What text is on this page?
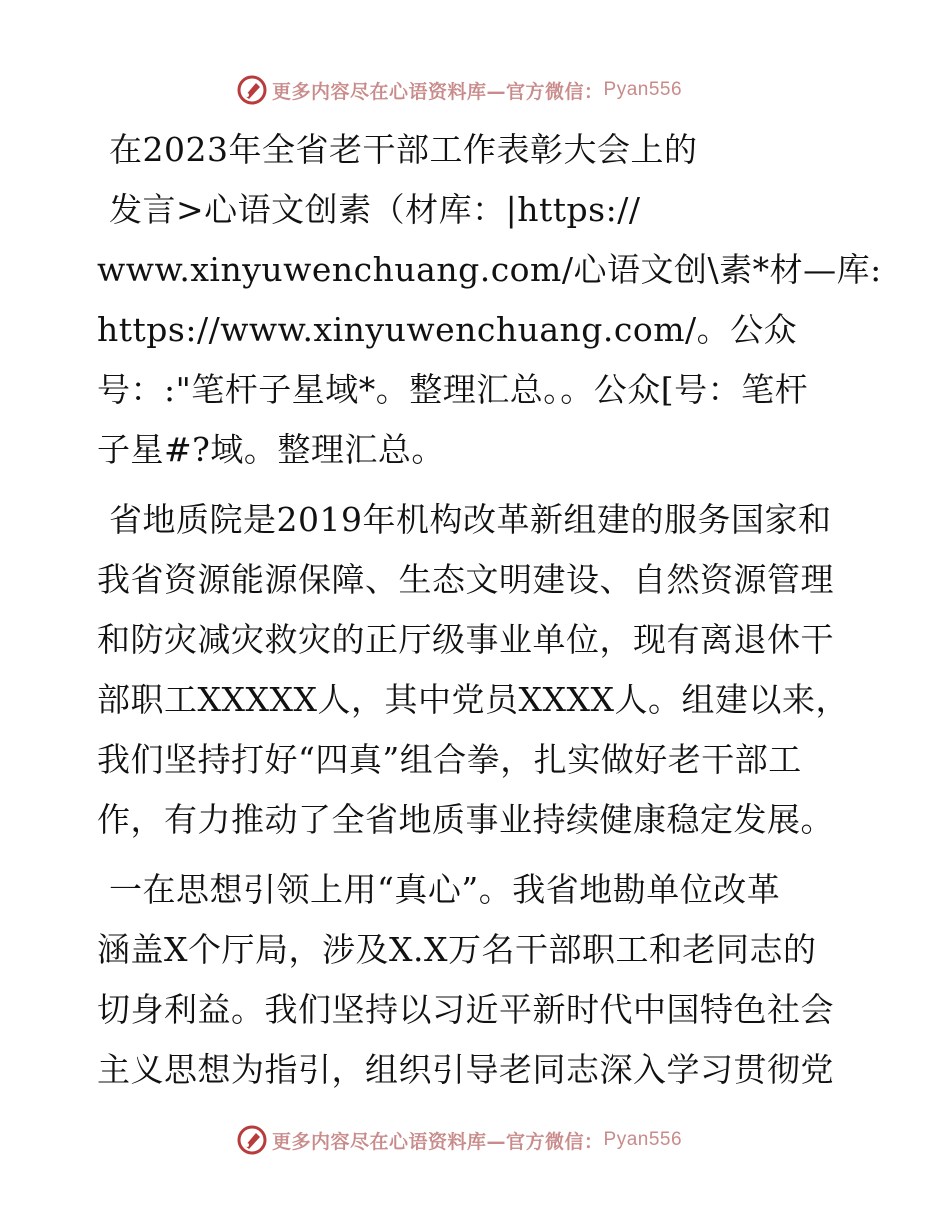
更多内容尽在心语资料库—官方微信： Pyan556
在2023年全省老干部工作表彰大会上的
发言>心语文创素（材库：|https://
www.xinyuwenchuang.com/心语文创\素*材—库:
https://www.xinyuwenchuang.com/。公众
号：:"笔杆子星域*。整理汇总。。公众[号：笔杆
子星#?域。整理汇总。
省地质院是2019年机构改革新组建的服务国家和
我省资源能源保障、生态文明建设、自然资源管理
和防灾减灾救灾的正厅级事业单位，现有离退休干
部职工XXXXX人，其中党员XXXX人。组建以来，
我们坚持打好“四真”组合拳，扎实做好老干部工
作，有力推动了全省地质事业持续健康稳定发展。
一在思想引领上用“真心”。我省地勘单位改革
涵盖X个厅局，涉及X.X万名干部职工和老同志的
切身利益。我们坚持以习近平新时代中国特色社会
主义思想为指引，组织引导老同志深入学习贯彻党
更多内容尽在心语资料库—官方微信： Pyan556
